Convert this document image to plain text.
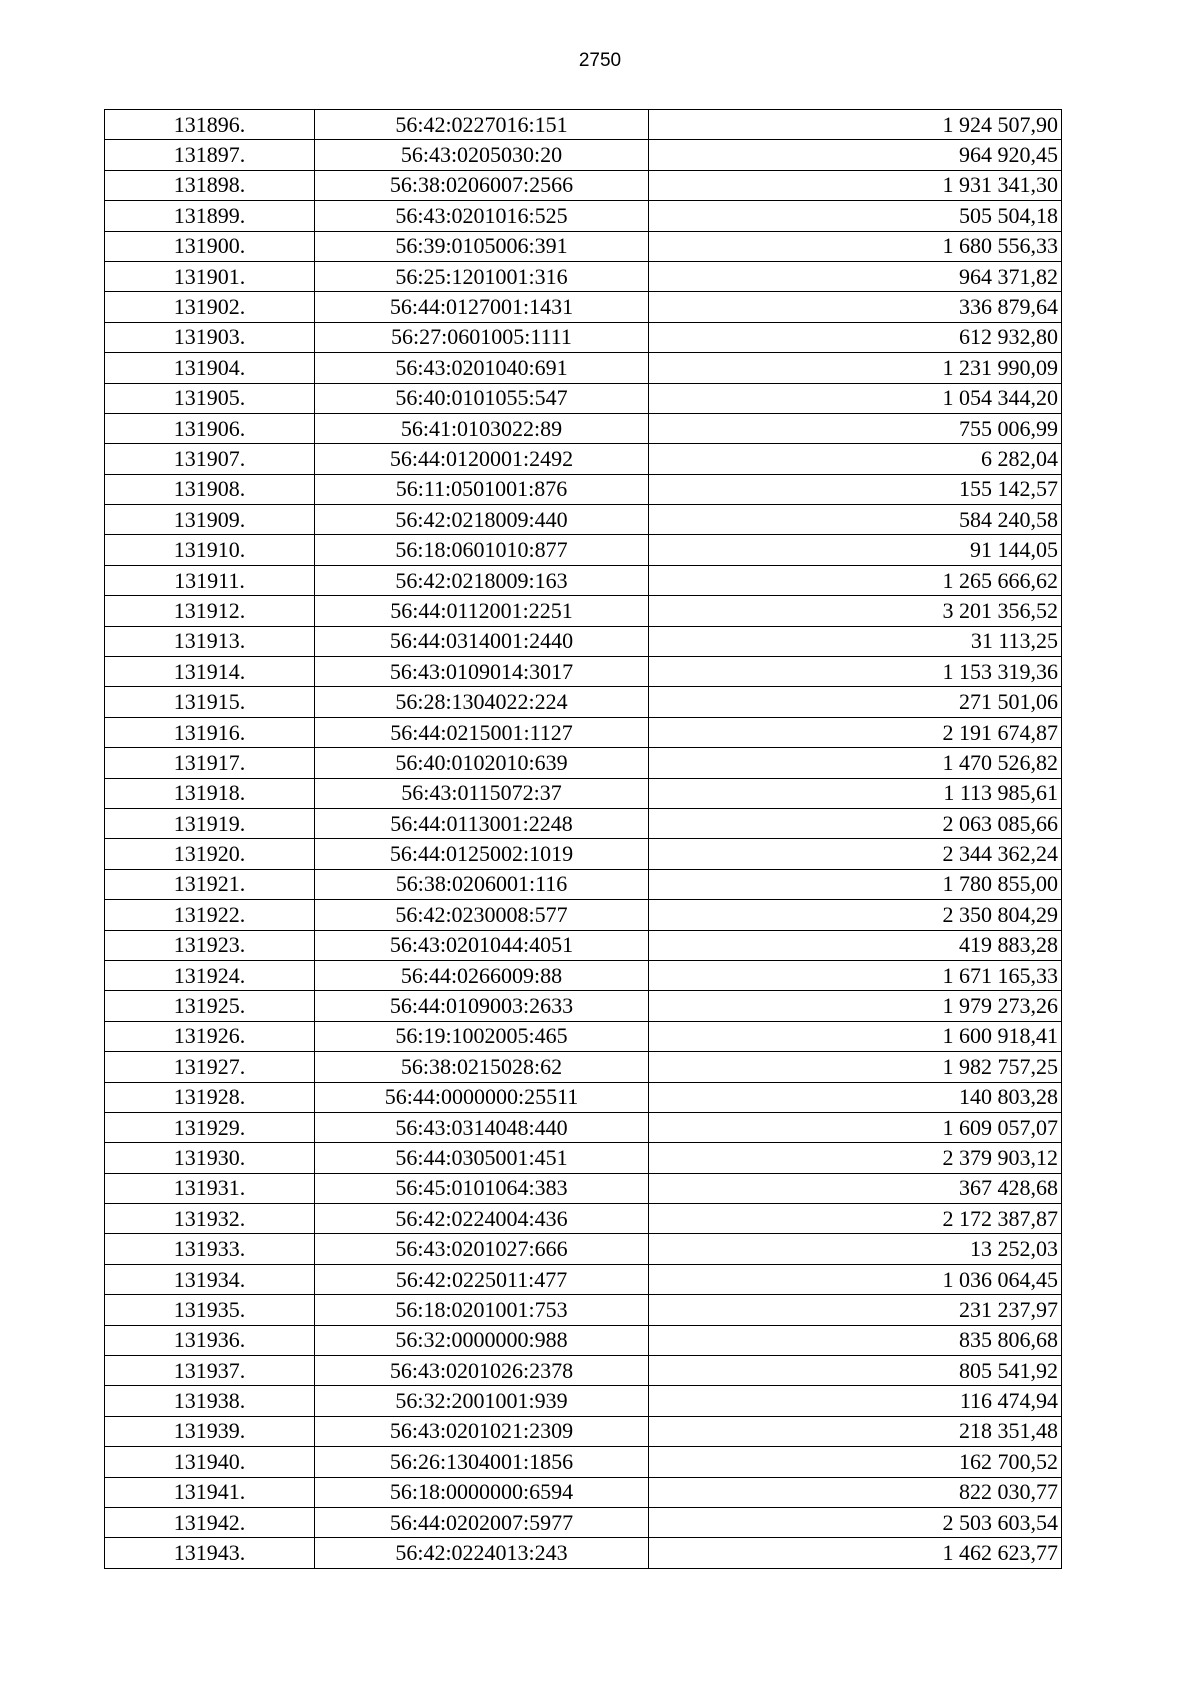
2750
131896.	56:42:0227016:151	1 924 507,90
131897.	56:43:0205030:20	964 920,45
131898.	56:38:0206007:2566	1 931 341,30
131899.	56:43:0201016:525	505 504,18
131900.	56:39:0105006:391	1 680 556,33
131901.	56:25:1201001:316	964 371,82
131902.	56:44:0127001:1431	336 879,64
131903.	56:27:0601005:1111	612 932,80
131904.	56:43:0201040:691	1 231 990,09
131905.	56:40:0101055:547	1 054 344,20
131906.	56:41:0103022:89	755 006,99
131907.	56:44:0120001:2492	6 282,04
131908.	56:11:0501001:876	155 142,57
131909.	56:42:0218009:440	584 240,58
131910.	56:18:0601010:877	91 144,05
131911.	56:42:0218009:163	1 265 666,62
131912.	56:44:0112001:2251	3 201 356,52
131913.	56:44:0314001:2440	31 113,25
131914.	56:43:0109014:3017	1 153 319,36
131915.	56:28:1304022:224	271 501,06
131916.	56:44:0215001:1127	2 191 674,87
131917.	56:40:0102010:639	1 470 526,82
131918.	56:43:0115072:37	1 113 985,61
131919.	56:44:0113001:2248	2 063 085,66
131920.	56:44:0125002:1019	2 344 362,24
131921.	56:38:0206001:116	1 780 855,00
131922.	56:42:0230008:577	2 350 804,29
131923.	56:43:0201044:4051	419 883,28
131924.	56:44:0266009:88	1 671 165,33
131925.	56:44:0109003:2633	1 979 273,26
131926.	56:19:1002005:465	1 600 918,41
131927.	56:38:0215028:62	1 982 757,25
131928.	56:44:0000000:25511	140 803,28
131929.	56:43:0314048:440	1 609 057,07
131930.	56:44:0305001:451	2 379 903,12
131931.	56:45:0101064:383	367 428,68
131932.	56:42:0224004:436	2 172 387,87
131933.	56:43:0201027:666	13 252,03
131934.	56:42:0225011:477	1 036 064,45
131935.	56:18:0201001:753	231 237,97
131936.	56:32:0000000:988	835 806,68
131937.	56:43:0201026:2378	805 541,92
131938.	56:32:2001001:939	116 474,94
131939.	56:43:0201021:2309	218 351,48
131940.	56:26:1304001:1856	162 700,52
131941.	56:18:0000000:6594	822 030,77
131942.	56:44:0202007:5977	2 503 603,54
131943.	56:42:0224013:243	1 462 623,77
